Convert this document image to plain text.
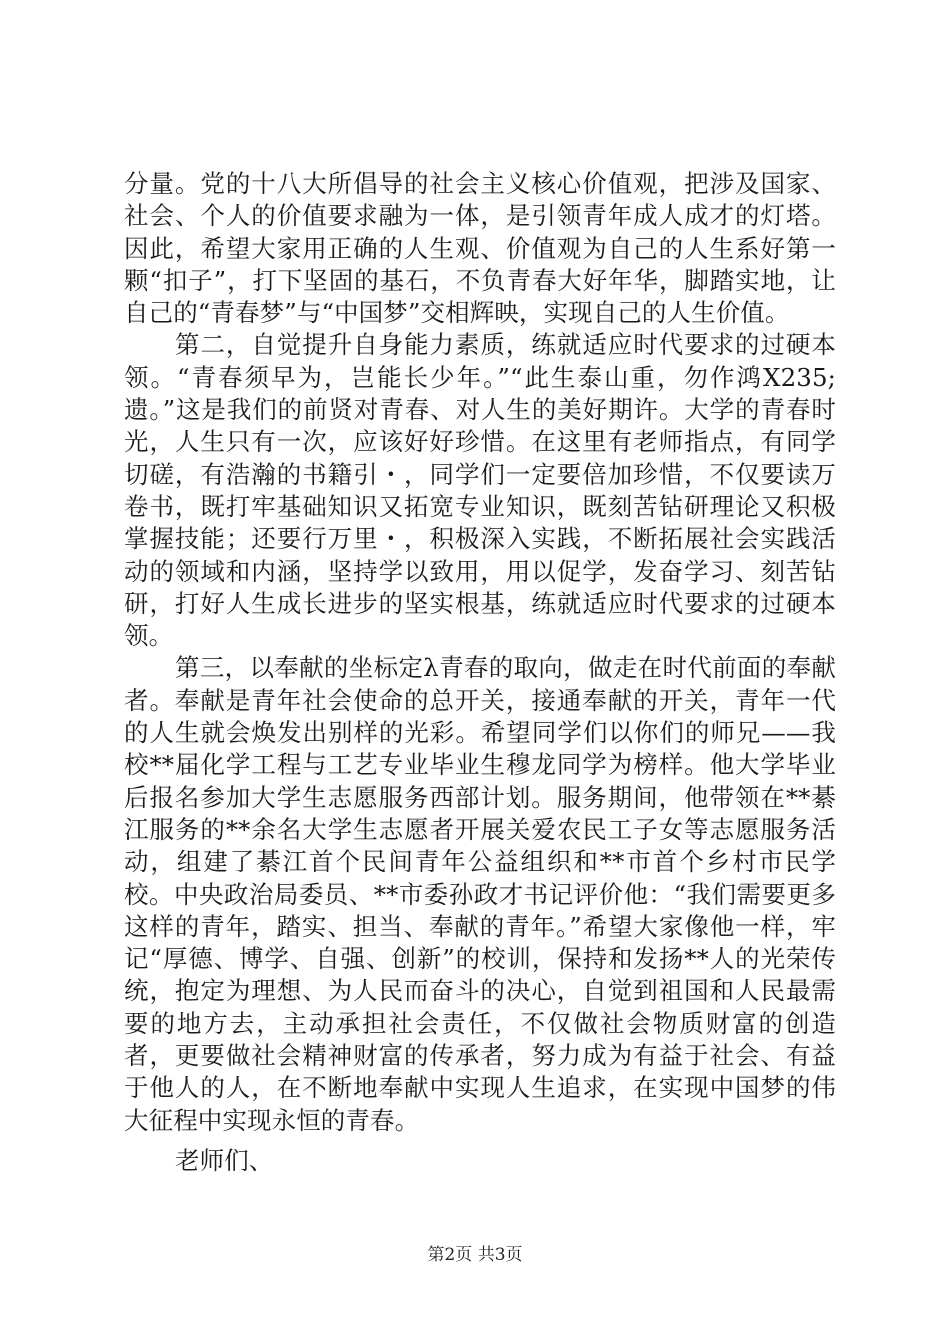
分量。党的十八大所倡导的社会主义核心价值观，把涉及国家、社会、个人的价值要求融为一体，是引领青年成人成才的灯塔。因此，希望大家用正确的人生观、价值观为自己的人生系好第一颗“扣子”，打下坚固的基石，不负青春大好年华，脚踏实地，让自己的“青春梦”与“中国梦”交相辉映，实现自己的人生价值。

第二，自觉提升自身能力素质，练就适应时代要求的过硬本领。“青春须早为，岂能长少年。”“此生泰山重，勿作鸿X235;遗。”这是我们的前贤对青春、对人生的美好期许。大学的青春时光，人生只有一次，应该好好珍惜。在这里有老师指点，有同学切磋，有浩瀚的书籍引・，同学们一定要倍加珍惜，不仅要读万卷书，既打牢基础知识又拓宽专业知识，既刻苦钻研理论又积极掌握技能；还要行万里・，积极深入实践，不断拓展社会实践活动的领域和内涵，坚持学以致用，用以促学，发奋学习、刻苦钻研，打好人生成长进步的坚实根基，练就适应时代要求的过硬本领。

第三，以奉献的坐标定λ青春的取向，做走在时代前面的奉献者。奉献是青年社会使命的总开关，接通奉献的开关，青年一代的人生就会焕发出别样的光彩。希望同学们以你们的师兄——我校**届化学工程与工艺专业毕业生穆龙同学为榜样。他大学毕业后报名参加大学生志愿服务西部计划。服务期间，他带领在**綦江服务的**余名大学生志愿者开展关爱农民工子女等志愿服务活动，组建了綦江首个民间青年公益组织和**市首个乡村市民学校。中央政治局委员、**市委孙政才书记评价他：“我们需要更多这样的青年，踏实、担当、奉献的青年。”希望大家像他一样，牢记“厚德、博学、自强、创新”的校训，保持和发扬**人的光荣传统，抱定为理想、为人民而奋斗的决心，自觉到祖国和人民最需要的地方去，主动承担社会责任，不仅做社会物质财富的创造者，更要做社会精神财富的传承者，努力成为有益于社会、有益于他人的人，在不断地奉献中实现人生追求，在实现中国梦的伟大征程中实现永恒的青春。

老师们、

第2页 共3页
